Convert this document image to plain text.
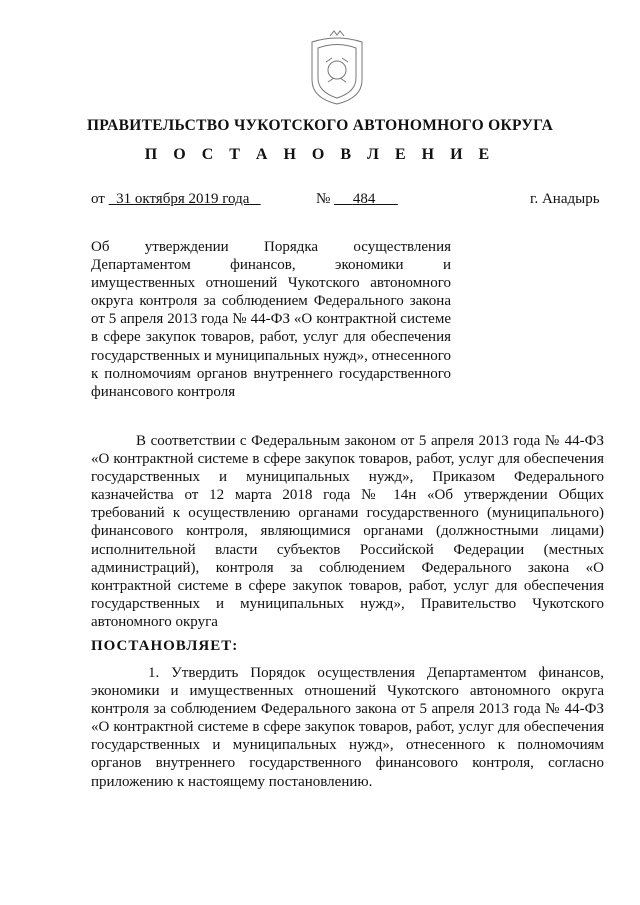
ПРАВИТЕЛЬСТВО ЧУКОТСКОГО АВТОНОМНОГО ОКРУГА
П О С Т А Н О В Л Е Н И Е
от 31 октября 2019 года	№ 484	г. Анадырь
Об утверждении Порядка осуществления Департаментом финансов, экономики и имущественных отношений Чукотского автономного округа контроля за соблюдением Федерального закона от 5 апреля 2013 года № 44-ФЗ «О контрактной системе в сфере закупок товаров, работ, услуг для обеспечения государственных и муниципальных нужд», отнесенного к полномочиям органов внутреннего государственного финансового контроля
В соответствии с Федеральным законом от 5 апреля 2013 года № 44-ФЗ «О контрактной системе в сфере закупок товаров, работ, услуг для обеспечения государственных и муниципальных нужд», Приказом Федерального казначейства от 12 марта 2018 года № 14н «Об утверждении Общих требований к осуществлению органами государственного (муниципального) финансового контроля, являющимися органами (должностными лицами) исполнительной власти субъектов Российской Федерации (местных администраций), контроля за соблюдением Федерального закона «О контрактной системе в сфере закупок товаров, работ, услуг для обеспечения государственных и муниципальных нужд», Правительство Чукотского автономного округа
ПОСТАНОВЛЯЕТ:
1. Утвердить Порядок осуществления Департаментом финансов, экономики и имущественных отношений Чукотского автономного округа контроля за соблюдением Федерального закона от 5 апреля 2013 года № 44-ФЗ «О контрактной системе в сфере закупок товаров, работ, услуг для обеспечения государственных и муниципальных нужд», отнесенного к полномочиям органов внутреннего государственного финансового контроля, согласно приложению к настоящему постановлению.
